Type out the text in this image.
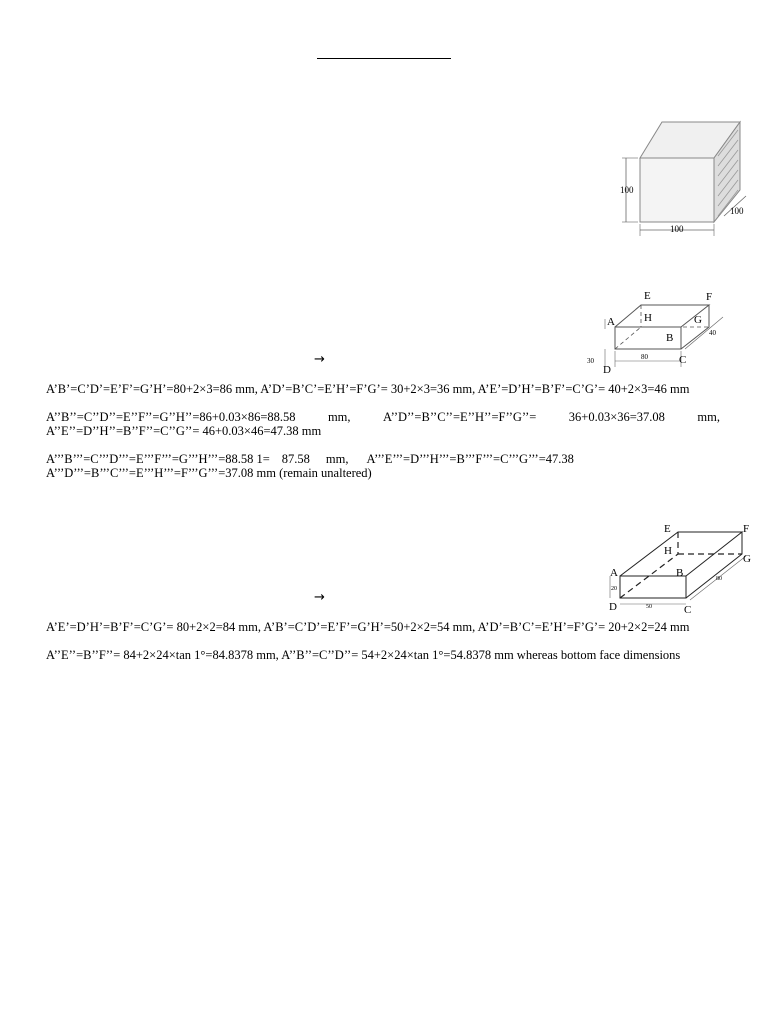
100
100
100
E	F
A	H	G
B
D
C
30	80
40
→
A’B’=C’D’=E’F’=G’H’=80+2×3=86 mm, A’D’=B’C’=E’H’=F’G’= 30+2×3=36 mm, A’E’=D’H’=B’F’=C’G’= 40+2×3=46 mm
A’’B’’=C’’D’’=E’’F’’=G’’H’’=86+0.03×86=88.58	mm,	A’’D’’=B’’C’’=E’’H’’=F’’G’’=	36+0.03×36=37.08	mm,
A’’E’’=D’’H’’=B’’F’’=C’’G’’= 46+0.03×46=47.38 mm
A’’’B’’’=C’’’D’’’=E’’’F’’’=G’’’H’’’=88.58 1= 87.58 mm, A’’’E’’’=D’’’H’’’=B’’’F’’’=C’’’G’’’=47.38
A’’’D’’’=B’’’C’’’=E’’’H’’’=F’’’G’’’=37.08 mm (remain unaltered)
E	F
H
G
A	B
D	C
20
50
80
→
A’E’=D’H’=B’F’=C’G’= 80+2×2=84 mm, A’B’=C’D’=E’F’=G’H’=50+2×2=54 mm, A’D’=B’C’=E’H’=F’G’= 20+2×2=24 mm
A’’E’’=B’’F’’= 84+2×24×tan 1°=84.8378 mm, A’’B’’=C’’D’’= 54+2×24×tan 1°=54.8378 mm whereas bottom face dimensions
